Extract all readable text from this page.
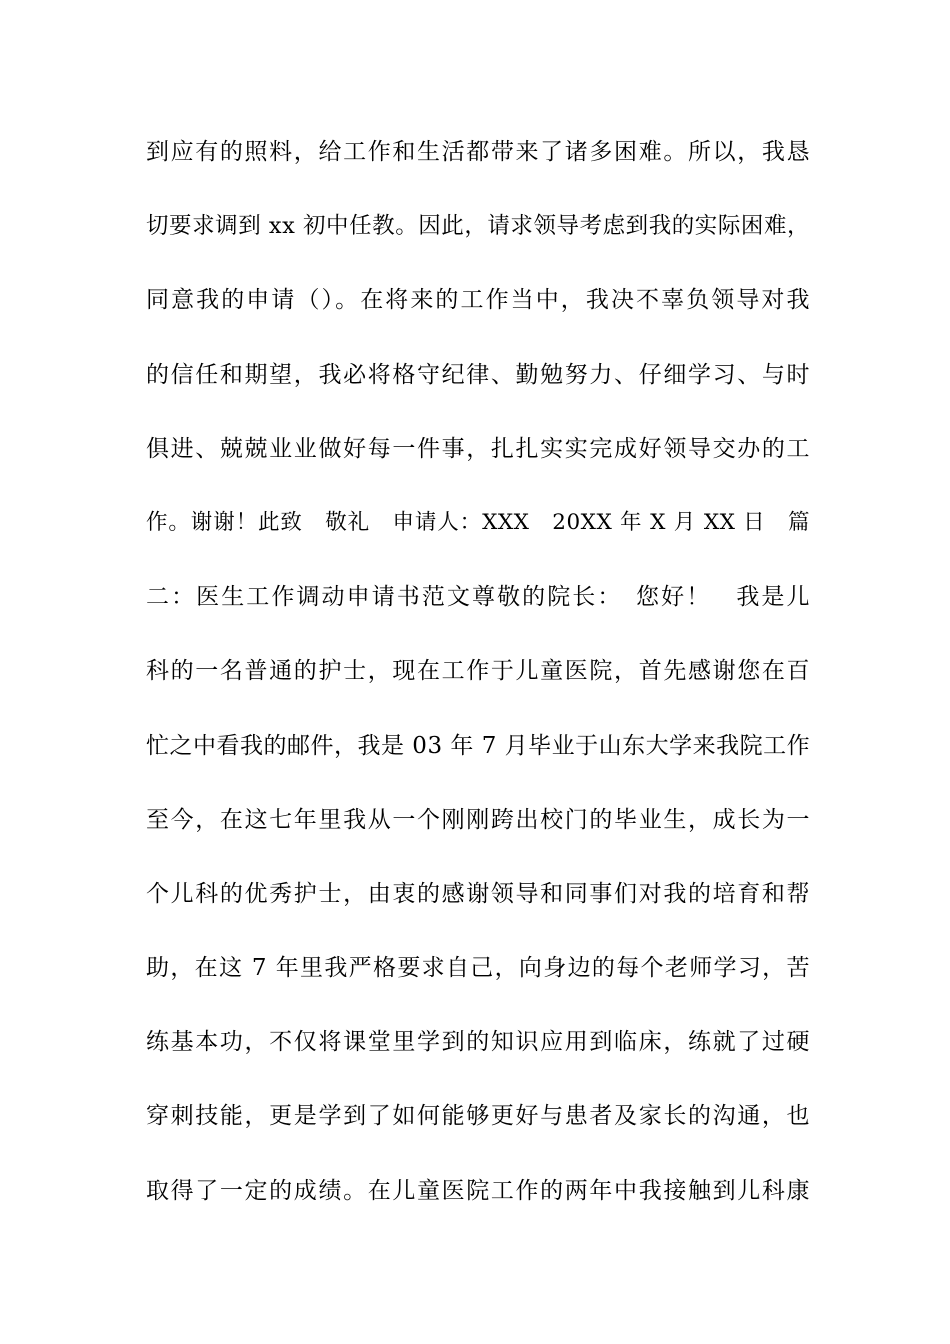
到应有的照料，给工作和生活都带来了诸多困难。所以，我恳
切要求调到 xx 初中任教。因此，请求领导考虑到我的实际困难，
同意我的申请（）。在将来的工作当中，我决不辜负领导对我
的信任和期望，我必将格守纪律、勤勉努力、仔细学习、与时
俱进、兢兢业业做好每一件事，扎扎实实完成好领导交办的工
作。谢谢！此致　敬礼　申请人：XXX　20XX 年 X 月 XX 日　篇
二：医生工作调动申请书范文尊敬的院长：　您好！　我是儿
科的一名普通的护士，现在工作于儿童医院，首先感谢您在百
忙之中看我的邮件，我是 03 年 7 月毕业于山东大学来我院工作
至今，在这七年里我从一个刚刚跨出校门的毕业生，成长为一
个儿科的优秀护士，由衷的感谢领导和同事们对我的培育和帮
助，在这 7 年里我严格要求自己，向身边的每个老师学习，苦
练基本功，不仅将课堂里学到的知识应用到临床，练就了过硬
穿刺技能，更是学到了如何能够更好与患者及家长的沟通，也
取得了一定的成绩。在儿童医院工作的两年中我接触到儿科康
